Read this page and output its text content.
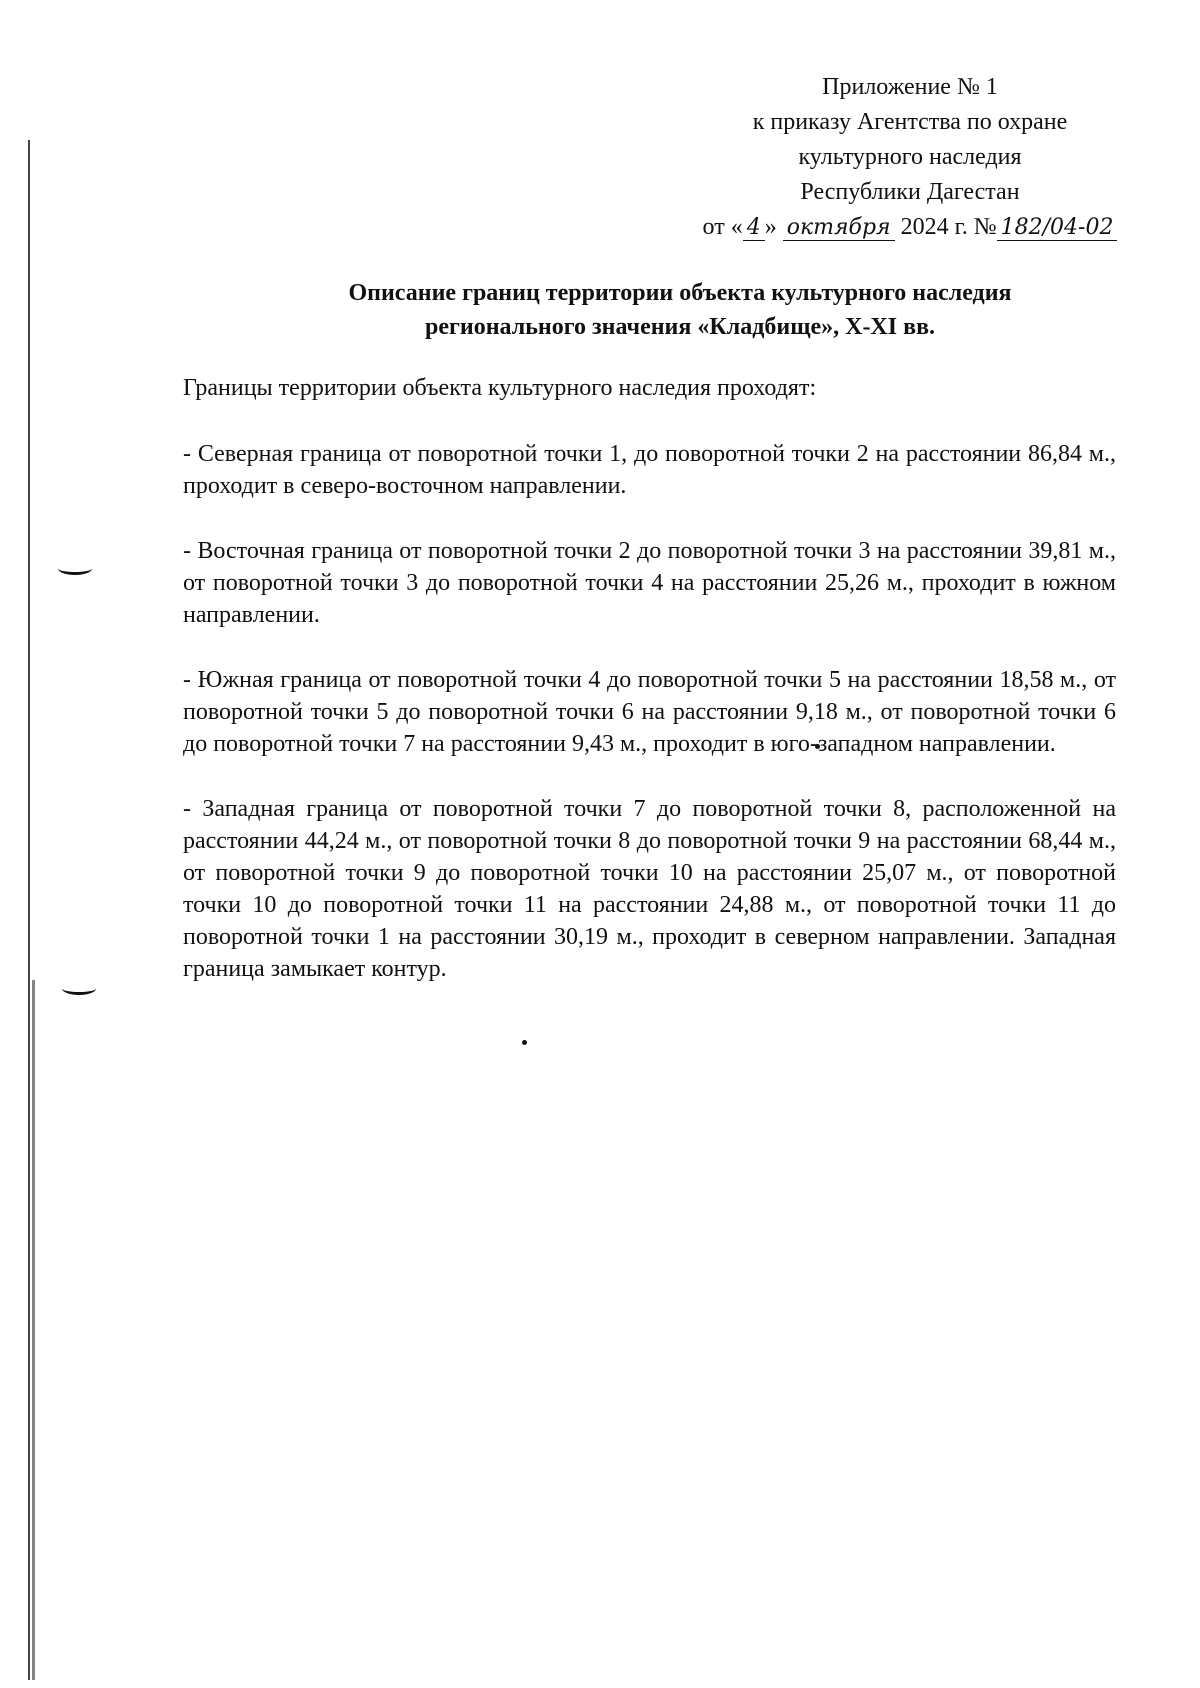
Приложение № 1
к приказу Агентства по охране
культурного наследия
Республики Дагестан
от « 4 » октября 2024 г. № 182/04-02
Описание границ территории объекта культурного наследия
регионального значения «Кладбище», X-XI вв.

Границы территории объекта культурного наследия проходят:

- Северная граница от поворотной точки 1, до поворотной точки 2 на расстоянии 86,84 м., проходит в северо-восточном направлении.

- Восточная граница от поворотной точки 2 до поворотной точки 3 на расстоянии 39,81 м., от поворотной точки 3 до поворотной точки 4 на расстоянии 25,26 м., проходит в южном направлении.

- Южная граница от поворотной точки 4 до поворотной точки 5 на расстоянии 18,58 м., от поворотной точки 5 до поворотной точки 6 на расстоянии 9,18 м., от поворотной точки 6 до поворотной точки 7 на расстоянии 9,43 м., проходит в юго-западном направлении.

- Западная граница от поворотной точки 7 до поворотной точки 8, расположенной на расстоянии 44,24 м., от поворотной точки 8 до поворотной точки 9 на расстоянии 68,44 м., от поворотной точки 9 до поворотной точки 10 на расстоянии 25,07 м., от поворотной точки 10 до поворотной точки 11 на расстоянии 24,88 м., от поворотной точки 11 до поворотной точки 1 на расстоянии 30,19 м., проходит в северном направлении. Западная граница замыкает контур.
